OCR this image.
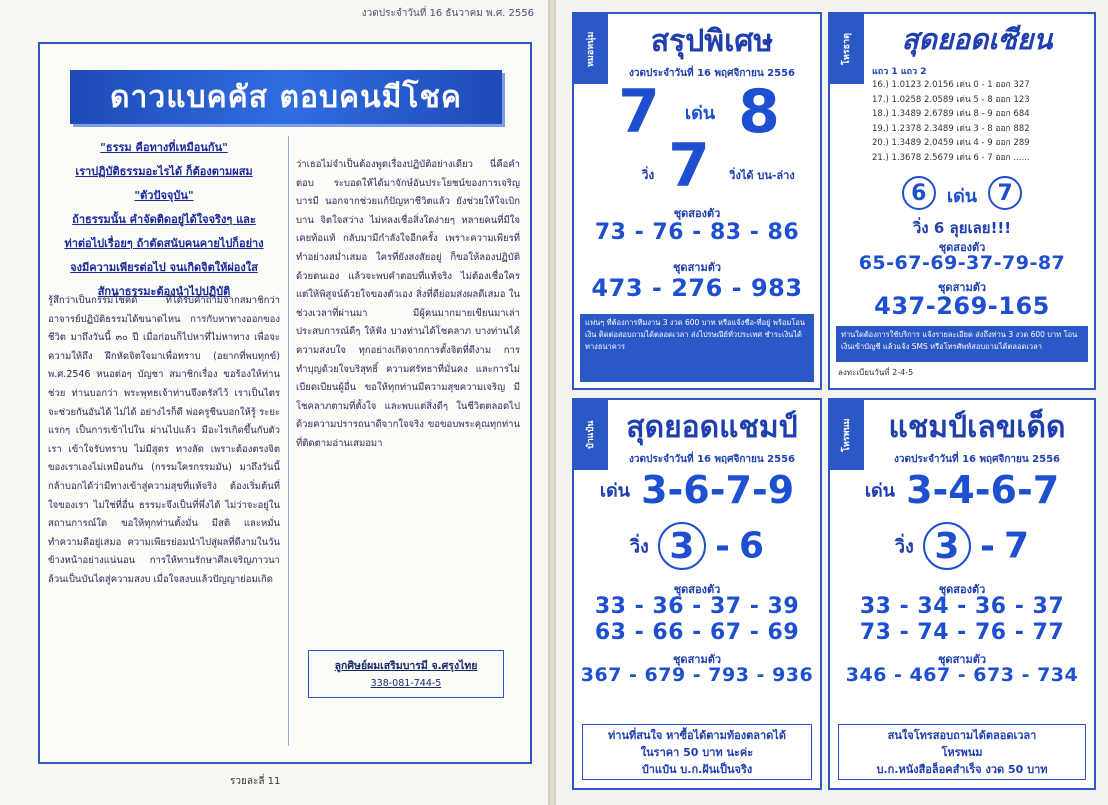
งวดประจำวันที่ 16 ธันวาคม พ.ศ. 2556
ดาวแบคคัส ตอบคนมีโชค
"ธรรม คือทางที่เหมือนกัน"
เราปฏิบัติธรรมอะไรได้ ก็ต้องตามผสม
"ตัวปัจจุบัน"
ถ้าธรรมนั้น คำจัดติดอยู่ได้ใจจริงๆ และ
ท่าต่อไปเรื่อยๆ ถ้าตัดสนับคนคายไปก็อย่าง
จงมีความเพียรต่อไป จนเกิดจิตให้ผ่องใส
สักนาธรรมะต้องนำไปปฏิบัติ
รู้สึกว่าเป็นกรรมโชคดี ที่ได้รับคำถามจากสมาชิกว่า อาจารย์ปฏิบัติธรรมได้ขนาดไหน การกับหาทางออกของชีวิต มาถึงวันนี้ ๓๐ ปี เมื่อก่อนก็ไปหาที่ไม่หาทาง เพื่อจะความให้ถึง ฝึกหัดจิตใจมาเพื่อทราบ (อยากที่พบทุกข์) พ.ศ.2546 หนอต่อๆ บัญชา สมาชิกเรื่อง ขอร้องให้ท่านช่วย ท่านบอกว่า พระพุทธเจ้าท่านจึงตรัสไว้ เราเป็นไตรจะช่วยกันอันได้ ไม่ได้ อย่างไรก็ดี พ่อครูชีนบอกให้รู้ ระยะแรกๆ เป็นการเข้าไปใน ผ่านไปแล้ว มีอะไรเกิดขึ้นกับตัวเรา เข้าใจรับทราบ ไม่มีสูตร ทางลัด เพราะต้องตรงจิตของเราเองไม่เหมือนกัน (กรรมใครกรรมมัน) มาถึงวันนี้ กล้าบอกได้ว่ามีทางเข้าสู่ความสุขที่แท้จริง ต้องเริ่มต้นที่ใจของเรา ไม่ใช่ที่อื่น ธรรมะจึงเป็นที่พึ่งได้ ไม่ว่าจะอยู่ในสถานการณ์ใด ขอให้ทุกท่านตั้งมั่น มีสติ และหมั่นทำความดีอยู่เสมอ ความเพียรย่อมนำไปสู่ผลที่ดีงามในวันข้างหน้าอย่างแน่นอน การให้ทานรักษาศีลเจริญภาวนา ล้วนเป็นบันไดสู่ความสงบ เมื่อใจสงบแล้วปัญญาย่อมเกิด
ว่าเธอไม่จำเป็นต้องพูดเรื่องปฏิบัติอย่างเดียว นี่คือคำตอบ ระบอดให้ได้มาจักษ์อันประโยชน์ของการเจริญบารมี นอกจากช่วยแก้ปัญหาชีวิตแล้ว ยังช่วยให้ใจเบิกบาน จิตใจสว่าง ไม่หลงเชื่อสิ่งใดง่ายๆ หลายคนที่มีใจเคยท้อแท้ กลับมามีกำลังใจอีกครั้ง เพราะความเพียรที่ทำอย่างสม่ำเสมอ ใครที่ยังสงสัยอยู่ ก็ขอให้ลองปฏิบัติด้วยตนเอง แล้วจะพบคำตอบที่แท้จริง ไม่ต้องเชื่อใคร แต่ให้พิสูจน์ด้วยใจของตัวเอง สิ่งที่ดีย่อมส่งผลดีเสมอ ในช่วงเวลาที่ผ่านมา มีผู้คนมากมายเขียนมาเล่าประสบการณ์ดีๆ ให้ฟัง บางท่านได้โชคลาภ บางท่านได้ความสงบใจ ทุกอย่างเกิดจากการตั้งจิตที่ดีงาม การทำบุญด้วยใจบริสุทธิ์ ความศรัทธาที่มั่นคง และการไม่เบียดเบียนผู้อื่น ขอให้ทุกท่านมีความสุขความเจริญ มีโชคลาภตามที่ตั้งใจ และพบแต่สิ่งดีๆ ในชีวิตตลอดไป ด้วยความปรารถนาดีจากใจจริง ขอขอบพระคุณทุกท่านที่ติดตามอ่านเสมอมา
ลูกศิษย์ผมเสริมบารมี จ.ศรุงไทย
338-081-744-5
รวยละลี่ 11
หมอหนุ่ม	สรุปพิเศษ
งวดประจำวันที่ 16 พฤศจิกายน 2556
7	เด่น 8
วิ่ง 7	วิ่งได้ บน-ล่าง
ชุดสองตัว
73 - 76 - 83 - 86
ชุดสามตัว
473 - 276 - 983
แฟนๆ ที่ต้องการทีมงาน 3 งวด 600 บาท หรือแจ้งชื่อ-ที่อยู่ พร้อมโอนเงิน ติดต่อสอบถามได้ตลอดเวลา ส่งไปรษณีย์ทั่วประเทศ ชำระเงินได้ทางธนาคาร
โหรธาตุ	สุดยอดเซียน
แถว 1 แถว 2
16.) 1.0123 2.0156 เด่น 0 - 1 ออก 327
17.) 1.0258 2.0589 เด่น 5 - 8 ออก 123
18.) 1.3489 2.6789 เด่น 8 - 9 ออก 684
19.) 1.2378 2.3489 เด่น 3 - 8 ออก 882
20.) 1.3489 2.0459 เด่น 4 - 9 ออก 289
21.) 1.3678 2.5679 เด่น 6 - 7 ออก ......
6 เด่น 7
วิ่ง 6 ลุยเลย!!!
ชุดสองตัว
65-67-69-37-79-87
ชุดสามตัว
437-269-165
ท่านใดต้องการใช้บริการ แจ้งรายละเอียด ส่งถึงท่าน 3 งวด 600 บาท โอนเงินเข้าบัญชี แล้วแจ้ง SMS หรือโทรศัพท์สอบถามได้ตลอดเวลา
ลงทะเบียนวันที่ 2-4-5
ป๋าแป๋น	สุดยอดแชมป์
งวดประจำวันที่ 16 พฤศจิกายน 2556
เด่น 3-6-7-9
วิ่ง 3 - 6
ชุดสองตัว
33 - 36 - 37 - 39
63 - 66 - 67 - 69
ชุดสามตัว
367 - 679 - 793 - 936
ท่านที่สนใจ หาซื้อได้ตามท้องตลาดได้
ในราคา 50 บาท นะค่ะ
ป๋าแป๋น บ.ก.ฝันเป็นจริง
โหรพนม	แชมป์เลขเด็ด
งวดประจำวันที่ 16 พฤศจิกายน 2556
เด่น 3-4-6-7
วิ่ง 3 - 7
ชุดสองตัว
33 - 34 - 36 - 37
73 - 74 - 76 - 77
ชุดสามตัว
346 - 467 - 673 - 734
สนใจโทรสอบถามได้ตลอดเวลา
โหรพนม
บ.ก.หนังสือล็อคสำเร็จ งวด 50 บาท
